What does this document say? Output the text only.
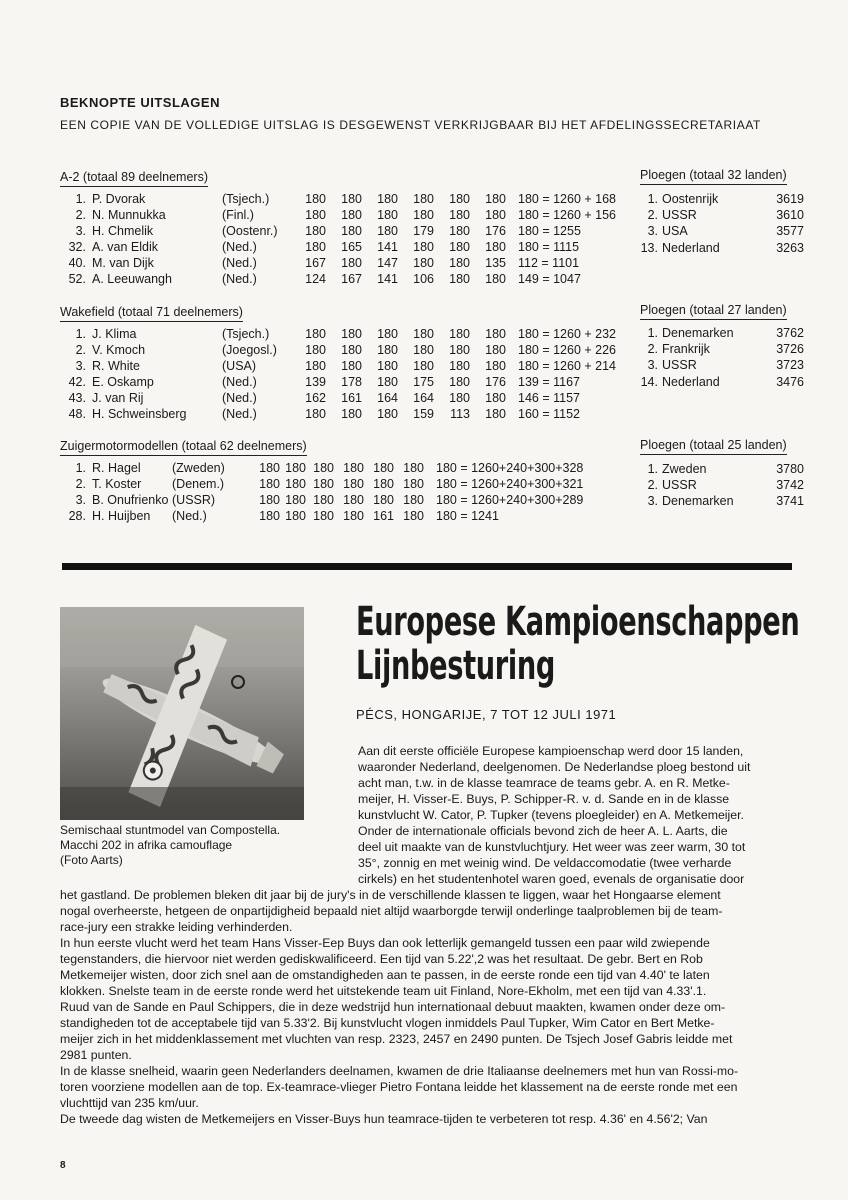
BEKNOPTE UITSLAGEN
EEN COPIE VAN DE VOLLEDIGE UITSLAG IS DESGEWENST VERKRIJGBAAR BIJ HET AFDELINGSSECRETARIAAT
A-2 (totaal 89 deelnemers)
1.	P. Dvorak	(Tsjech.)	180	180	180	180	180	180	180 = 1260 + 168
2.	N. Munnukka	(Finl.)	180	180	180	180	180	180	180 = 1260 + 156
3.	H. Chmelik	(Oostenr.)	180	180	180	179	180	176	180 = 1255
32.	A. van Eldik	(Ned.)	180	165	141	180	180	180	180 = 1115
40.	M. van Dijk	(Ned.)	167	180	147	180	180	135	112 = 1101
52.	A. Leeuwangh	(Ned.)	124	167	141	106	180	180	149 = 1047
Ploegen (totaal 32 landen)
1.	Oostenrijk	3619
2.	USSR	3610
3.	USA	3577
13.	Nederland	3263
Wakefield (totaal 71 deelnemers)
1.	J. Klima	(Tsjech.)	180	180	180	180	180	180	180 = 1260 + 232
2.	V. Kmoch	(Joegosl.)	180	180	180	180	180	180	180 = 1260 + 226
3.	R. White	(USA)	180	180	180	180	180	180	180 = 1260 + 214
42.	E. Oskamp	(Ned.)	139	178	180	175	180	176	139 = 1167
43.	J. van Rij	(Ned.)	162	161	164	164	180	180	146 = 1157
48.	H. Schweinsberg	(Ned.)	180	180	180	159	113	180	160 = 1152
Ploegen (totaal 27 landen)
1.	Denemarken	3762
2.	Frankrijk	3726
3.	USSR	3723
14.	Nederland	3476
Zuigermotormodellen (totaal 62 deelnemers)
1.	R. Hagel	(Zweden)	180	180	180	180	180	180	180 = 1260+240+300+328
2.	T. Koster	(Denem.)	180	180	180	180	180	180	180 = 1260+240+300+321
3.	B. Onufrienko	(USSR)	180	180	180	180	180	180	180 = 1260+240+300+289
28.	H. Huijben	(Ned.)	180	180	180	180	161	180	180 = 1241
Ploegen (totaal 25 landen)
1.	Zweden	3780
2.	USSR	3742
3.	Denemarken	3741
Semischaal stuntmodel van Compostella.
Macchi 202 in afrika camouflage
(Foto Aarts)
Europese Kampioenschappen
Lijnbesturing
PÉCS, HONGARIJE, 7 TOT 12 JULI 1971
Aan dit eerste officiële Europese kampioenschap werd door 15 landen,
waaronder Nederland, deelgenomen. De Nederlandse ploeg bestond uit
acht man, t.w. in de klasse teamrace de teams gebr. A. en R. Metke-
meijer, H. Visser-E. Buys, P. Schipper-R. v. d. Sande en in de klasse
kunstvlucht W. Cator, P. Tupker (tevens ploegleider) en A. Metkemeijer.
Onder de internationale officials bevond zich de heer A. L. Aarts, die
deel uit maakte van de kunstvluchtjury. Het weer was zeer warm, 30 tot
35°, zonnig en met weinig wind. De veldaccomodatie (twee verharde
cirkels) en het studentenhotel waren goed, evenals de organisatie door
het gastland. De problemen bleken dit jaar bij de jury's in de verschillende klassen te liggen, waar het Hongaarse element
nogal overheerste, hetgeen de onpartijdigheid bepaald niet altijd waarborgde terwijl onderlinge taalproblemen bij de team-
race-jury een strakke leiding verhinderden.
In hun eerste vlucht werd het team Hans Visser-Eep Buys dan ook letterlijk gemangeld tussen een paar wild zwiepende
tegenstanders, die hiervoor niet werden gediskwalificeerd. Een tijd van 5.22',2 was het resultaat. De gebr. Bert en Rob
Metkemeijer wisten, door zich snel aan de omstandigheden aan te passen, in de eerste ronde een tijd van 4.40' te laten
klokken. Snelste team in de eerste ronde werd het uitstekende team uit Finland, Nore-Ekholm, met een tijd van 4.33'.1.
Ruud van de Sande en Paul Schippers, die in deze wedstrijd hun internationaal debuut maakten, kwamen onder deze om-
standigheden tot de acceptabele tijd van 5.33'2. Bij kunstvlucht vlogen inmiddels Paul Tupker, Wim Cator en Bert Metke-
meijer zich in het middenklassement met vluchten van resp. 2323, 2457 en 2490 punten. De Tsjech Josef Gabris leidde met
2981 punten.
In de klasse snelheid, waarin geen Nederlanders deelnamen, kwamen de drie Italiaanse deelnemers met hun van Rossi-mo-
toren voorziene modellen aan de top. Ex-teamrace-vlieger Pietro Fontana leidde het klassement na de eerste ronde met een
vluchttijd van 235 km/uur.
De tweede dag wisten de Metkemeijers en Visser-Buys hun teamrace-tijden te verbeteren tot resp. 4.36' en 4.56'2; Van
8
